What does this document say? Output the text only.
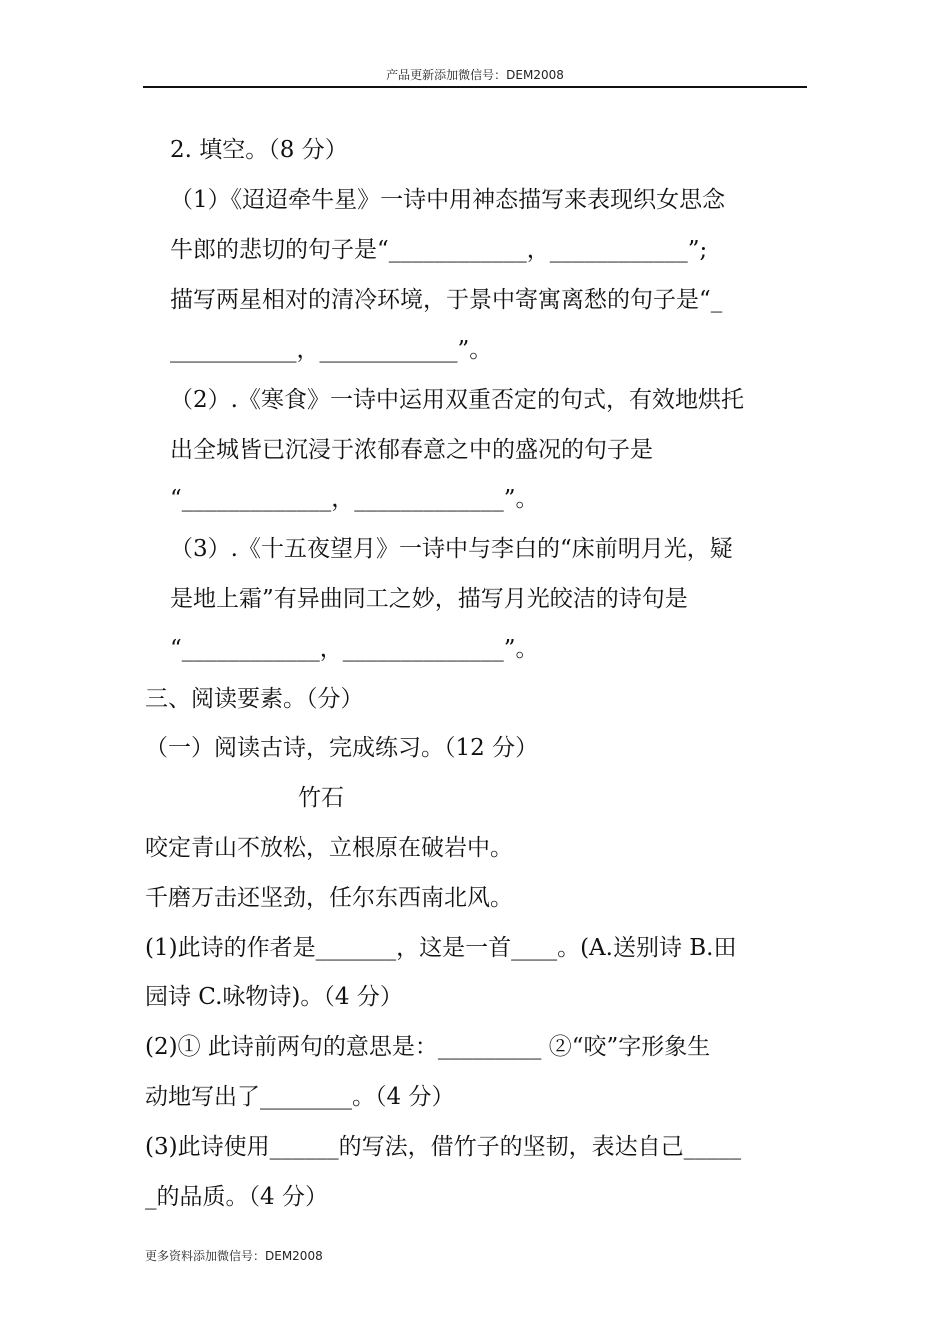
产品更新添加微信号：DEM2008
2. 填空。（8 分）
（1）《迢迢牵牛星》一诗中用神态描写来表现织女思念
牛郎的悲切的句子是“____________，____________”;
描写两星相对的清冷环境，于景中寄寓离愁的句子是“_
___________，____________”。
（2）.《寒食》一诗中运用双重否定的句式，有效地烘托
出全城皆已沉浸于浓郁春意之中的盛况的句子是
“_____________，_____________”。
（3）.《十五夜望月》一诗中与李白的“床前明月光，疑
是地上霜”有异曲同工之妙，描写月光皎洁的诗句是
“____________，______________”。
三、阅读要素。（分）
（一）阅读古诗，完成练习。（12 分）
竹石
咬定青山不放松，立根原在破岩中。
千磨万击还坚劲，任尔东西南北风。
(1)此诗的作者是_______，这是一首____。(A.送别诗 B.田
园诗 C.咏物诗)。（4 分）
(2)① 此诗前两句的意思是：_________ ②“咬”字形象生
动地写出了________。（4 分）
(3)此诗使用______的写法，借竹子的坚韧，表达自己_____
_的品质。（4 分）
更多资料添加微信号：DEM2008
